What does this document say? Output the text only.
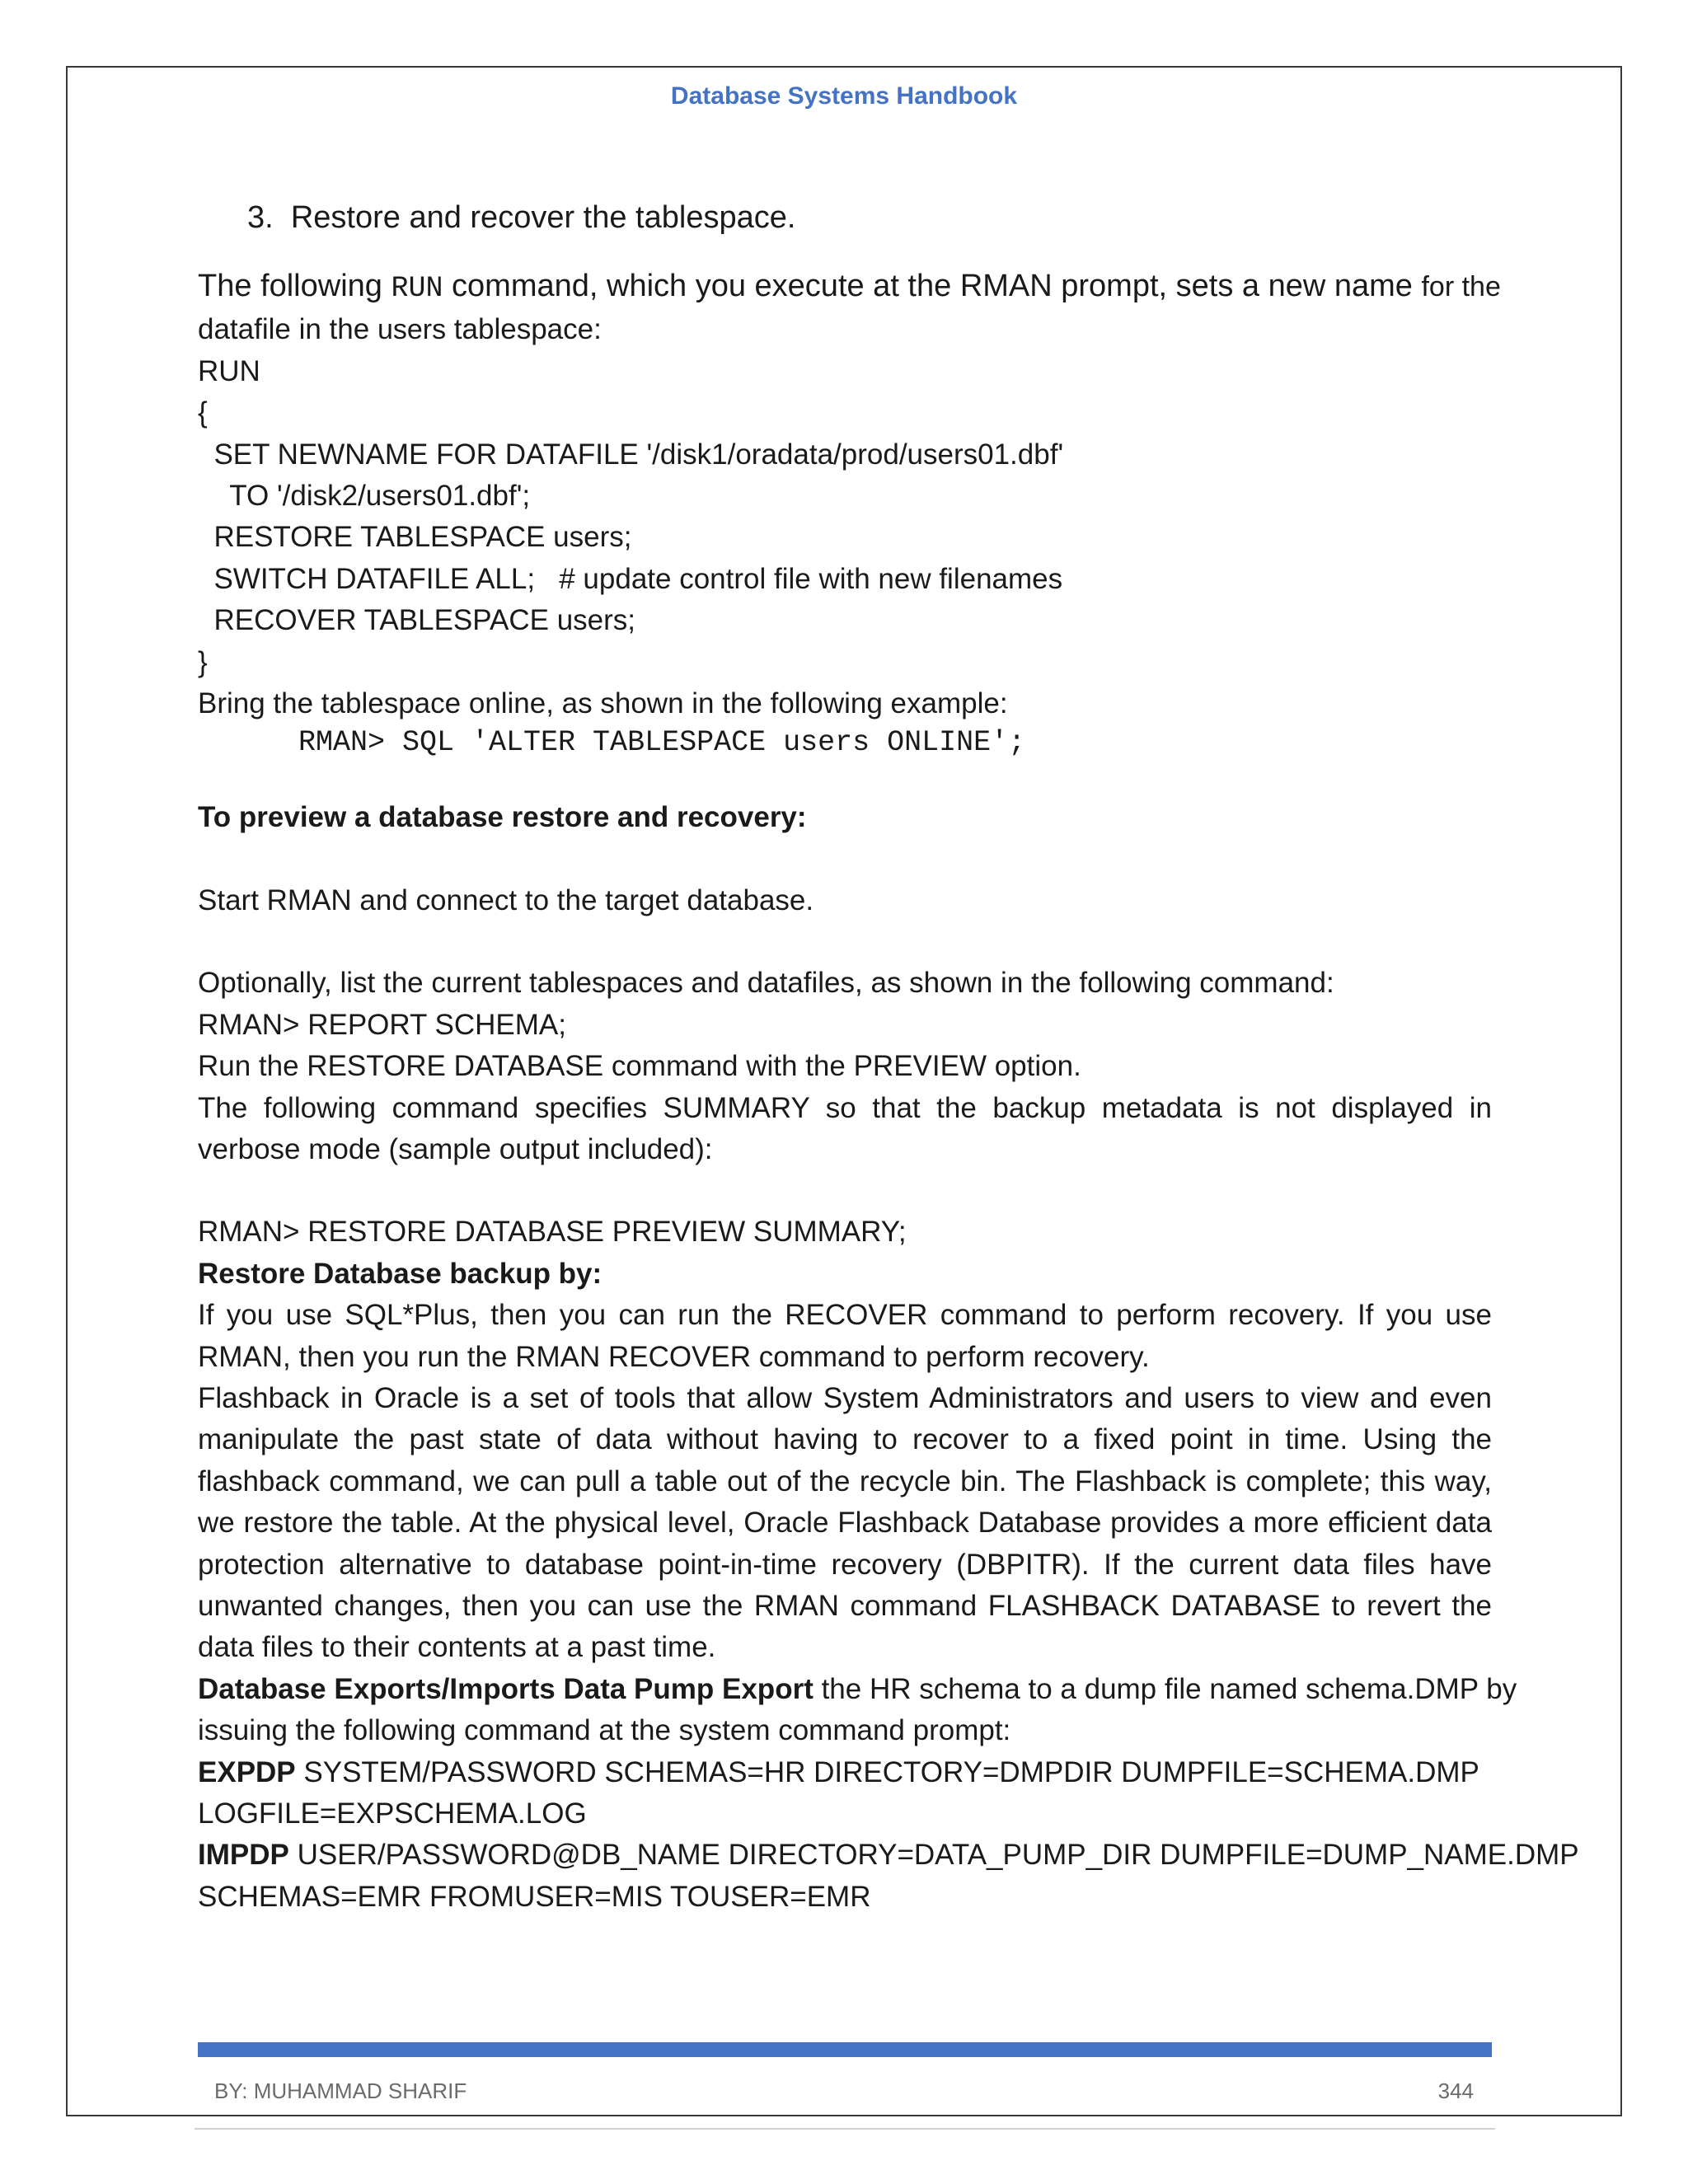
Database Systems Handbook
3. Restore and recover the tablespace.
The following RUN command, which you execute at the RMAN prompt, sets a new name for the
datafile in the users tablespace:
RUN
{
SET NEWNAME FOR DATAFILE '/disk1/oradata/prod/users01.dbf'
TO '/disk2/users01.dbf';
RESTORE TABLESPACE users;
SWITCH DATAFILE ALL;   # update control file with new filenames
RECOVER TABLESPACE users;
}
Bring the tablespace online, as shown in the following example:
RMAN> SQL 'ALTER TABLESPACE users ONLINE';
To preview a database restore and recovery:
Start RMAN and connect to the target database.
Optionally, list the current tablespaces and datafiles, as shown in the following command:
RMAN> REPORT SCHEMA;
Run the RESTORE DATABASE command with the PREVIEW option.
The following command specifies SUMMARY so that the backup metadata is not displayed in verbose mode (sample output included):
RMAN> RESTORE DATABASE PREVIEW SUMMARY;
Restore Database backup by:
If you use SQL*Plus, then you can run the RECOVER command to perform recovery. If you use RMAN, then you run the RMAN RECOVER command to perform recovery.
Flashback in Oracle is a set of tools that allow System Administrators and users to view and even manipulate the past state of data without having to recover to a fixed point in time. Using the flashback command, we can pull a table out of the recycle bin. The Flashback is complete; this way, we restore the table. At the physical level, Oracle Flashback Database provides a more efficient data protection alternative to database point-in-time recovery (DBPITR). If the current data files have unwanted changes, then you can use the RMAN command FLASHBACK DATABASE to revert the data files to their contents at a past time.
Database Exports/Imports Data Pump Export the HR schema to a dump file named schema.DMP by
issuing the following command at the system command prompt:
EXPDP SYSTEM/PASSWORD SCHEMAS=HR DIRECTORY=DMPDIR DUMPFILE=SCHEMA.DMP
LOGFILE=EXPSCHEMA.LOG
IMPDP USER/PASSWORD@DB_NAME DIRECTORY=DATA_PUMP_DIR DUMPFILE=DUMP_NAME.DMP
SCHEMAS=EMR FROMUSER=MIS TOUSER=EMR
BY: MUHAMMAD SHARIF	344
